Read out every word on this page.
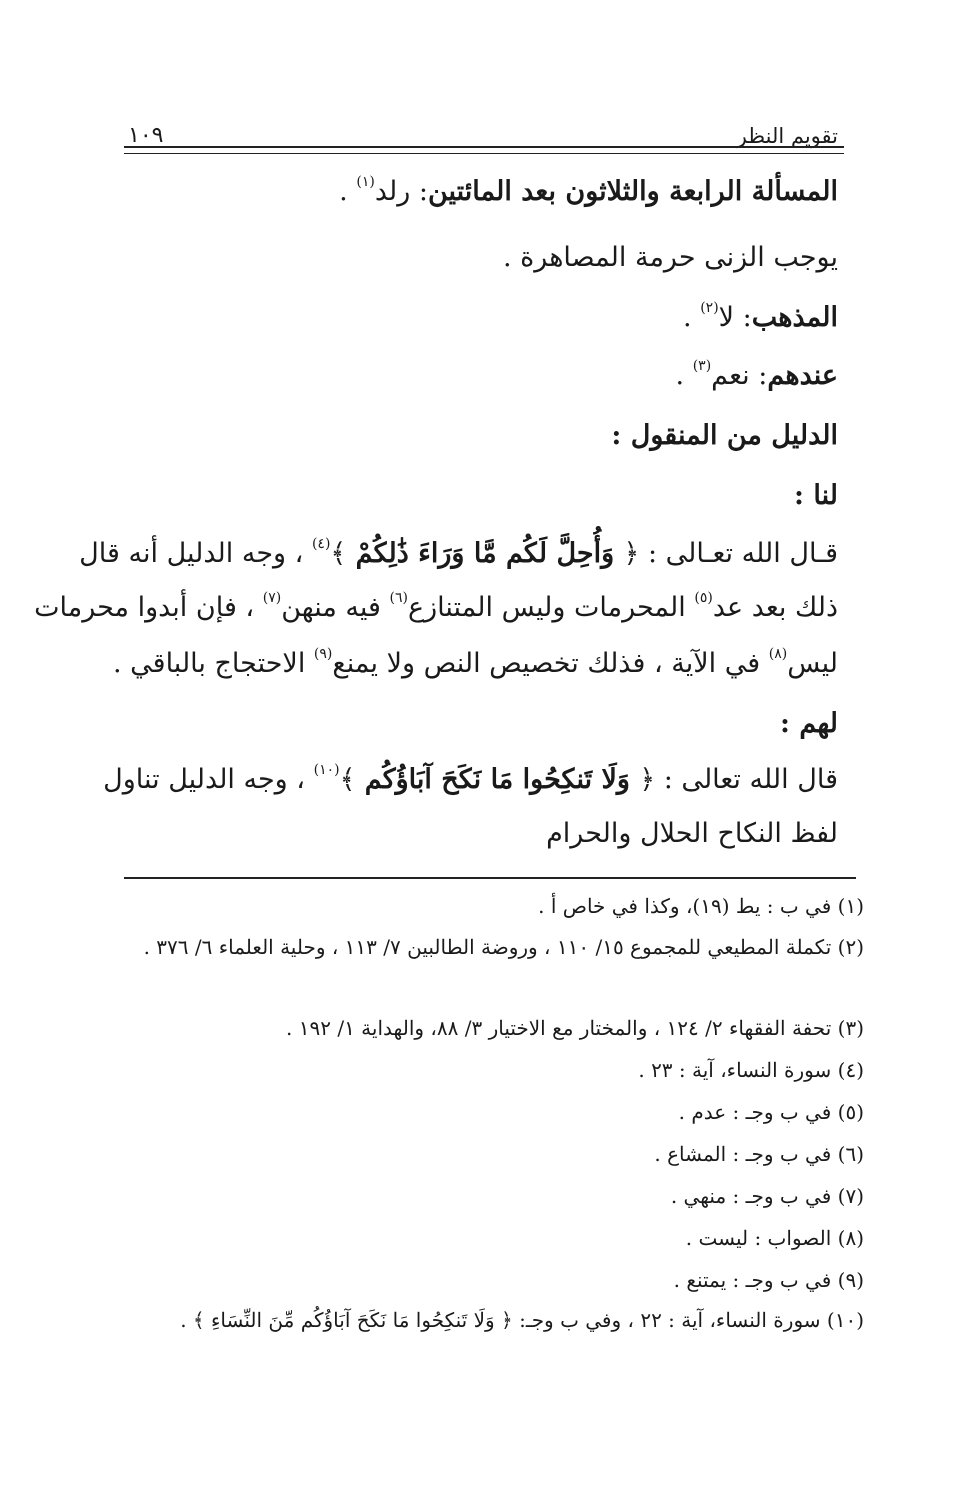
١٠٩	تقويم النظر
المسألة الرابعة والثلاثون بعد المائتين: رلد$^{(١)}$ .
يوجب الزنى حرمة المصاهرة .
المذهب: لا$^{(٢)}$ .
عندهم: نعم$^{(٣)}$ .
الدليل من المنقول :
لنا :
قـال الله تعـالى : ﴿ وَأُحِلَّ لَكُم مَّا وَرَاءَ ذَٰلِكُمْ ﴾$^{(٤)}$ ، وجه الدليل أنه قال
ذلك بعد عد$^{(٥)}$ المحرمات وليس المتنازع$^{(٦)}$ فيه منهن$^{(٧)}$ ، فإن أبدوا محرمات
ليس$^{(٨)}$ في الآية ، فذلك تخصيص النص ولا يمنع$^{(٩)}$ الاحتجاج بالباقي .
لهم :
قال الله تعالى : ﴿ وَلَا تَنكِحُوا مَا نَكَحَ آبَاؤُكُم ﴾$^{(١٠)}$ ، وجه الدليل تناول
لفظ النكاح الحلال والحرام
(١) في ب : يط (١٩)، وكذا في خاص أ .
(٢) تكملة المطيعي للمجموع ١٥/ ١١٠ ، وروضة الطالبين ٧/ ١١٣ ، وحلية العلماء ٦/ ٣٧٦ .
(٣) تحفة الفقهاء ٢/ ١٢٤ ، والمختار مع الاختيار ٣/ ٨٨، والهداية ١/ ١٩٢ .
(٤) سورة النساء، آية : ٢٣ .
(٥) في ب وجـ : عدم .
(٦) في ب وجـ : المشاع .
(٧) في ب وجـ : منهي .
(٨) الصواب : ليست .
(٩) في ب وجـ : يمتنع .
(١٠) سورة النساء، آية : ٢٢ ، وفي ب وجـ: ﴿ وَلَا تَنكِحُوا مَا نَكَحَ آبَاؤُكُم مِّنَ النِّسَاءِ ﴾ .
